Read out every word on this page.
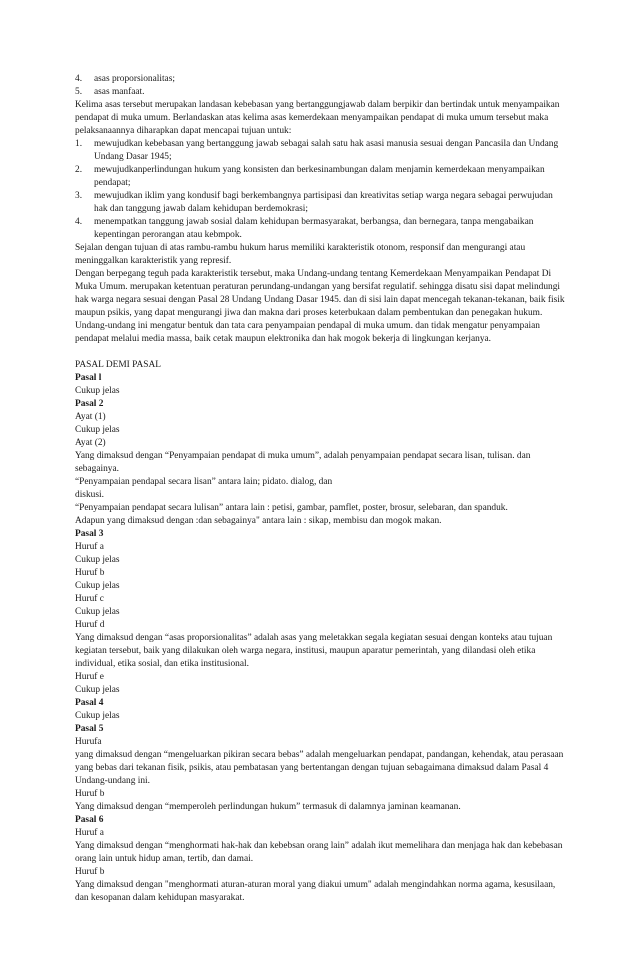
4.	asas proporsionalitas;
5.	asas manfaat.

Kelima asas tersebut merupakan landasan kebebasan yang bertanggungjawab dalam berpikir dan bertindak untuk menyampaikan pendapat di muka umum. Berlandaskan atas kelima asas kemerdekaan menyampaikan pendapat di muka umum tersebut maka pelaksanaannya diharapkan dapat mencapai tujuan untuk:

1.	mewujudkan kebebasan yang bertanggung jawab sebagai salah satu hak asasi manusia sesuai dengan Pancasila dan Undang Undang Dasar 1945;
2.	mewujudkanperlindungan hukum yang konsisten dan berkesinambungan dalam menjamin kemerdekaan menyampaikan pendapat;
3.	mewujudkan iklim yang kondusif bagi berkembangnya partisipasi dan kreativitas setiap warga negara sebagai perwujudan hak dan tanggung jawab dalam kehidupan berdemokrasi;
4.	menempatkan tanggung jawab sosial dalam kehidupan bermasyarakat, berbangsa, dan bernegara, tanpa mengabaikan kepentingan perorangan atau kebmpok.

Sejalan dengan tujuan di atas rambu-rambu hukum harus memiliki karakteristik otonom, responsif dan mengurangi atau meninggalkan karakteristik yang represif.

Dengan berpegang teguh pada karakteristik tersebut, maka Undang-undang tentang Kemerdekaan Menyampaikan Pendapat Di Muka Umum. merupakan ketentuan peraturan perundang-undangan yang bersifat regulatif. sehingga disatu sisi dapat melindungi hak warga negara sesuai dengan Pasal 28 Undang Undang Dasar 1945. dan di sisi lain dapat mencegah tekanan-tekanan, baik fisik maupun psikis, yang dapat mengurangi jiwa dan makna dari proses keterbukaan dalam pembentukan dan penegakan hukum.

Undang-undang ini mengatur bentuk dan tata cara penyampaian pendapal di muka umum. dan tidak mengatur penyampaian pendapat melalui media massa, baik cetak maupun elektronika dan hak mogok bekerja di lingkungan kerjanya.

PASAL DEMI PASAL

Pasal l

Cukup jelas

Pasal 2

Ayat (1)

Cukup jelas

Ayat (2)

Yang dimaksud dengan “Penyampaian pendapat di muka umum”, adalah penyampaian pendapat secara lisan, tulisan. dan sebagainya.

“Penyampaian pendapal secara lisan” antara lain; pidato. dialog, dan

diskusi.

“Penyampaian pendapat secara lulisan” antara lain : petisi, gambar, pamflet, poster, brosur, selebaran, dan spanduk.

Adapun yang dimaksud dengan :dan sebagainya" antara lain : sikap, membisu dan mogok makan.

Pasal 3

Huruf a

Cukup jelas

Huruf b

Cukup jelas

Huruf c

Cukup jelas

Huruf d

Yang dimaksud dengan “asas proporsionalitas” adalah asas yang meletakkan segala kegiatan sesuai dengan konteks atau tujuan kegiatan tersebut, baik yang dilakukan oleh warga negara, institusi, maupun aparatur pemerintah, yang dilandasi oleh etika individual, etika sosial, dan etika institusional.

Huruf e

Cukup jelas

Pasal 4

Cukup jelas

Pasal 5

Hurufa

yang dimaksud dengan “mengeluarkan pikiran secara bebas” adalah mengeluarkan pendapat, pandangan, kehendak, atau perasaan yang bebas dari tekanan fisik, psikis, atau pembatasan yang bertentangan dengan tujuan sebagaimana dimaksud dalam Pasal 4 Undang-undang ini.

Huruf b

Yang dimaksud dengan “memperoleh perlindungan hukum” termasuk di dalamnya jaminan keamanan.

Pasal 6

Huruf a

Yang dimaksud dengan “menghormati hak-hak dan kebebsan orang lain” adalah ikut memelihara dan menjaga hak dan kebebasan orang lain untuk hidup aman, tertib, dan damai.

Huruf b

Yang dimaksud dengan "menghormati aturan-aturan moral yang diakui umum" adalah mengindahkan norma agama, kesusilaan, dan kesopanan dalam kehidupan masyarakat.
